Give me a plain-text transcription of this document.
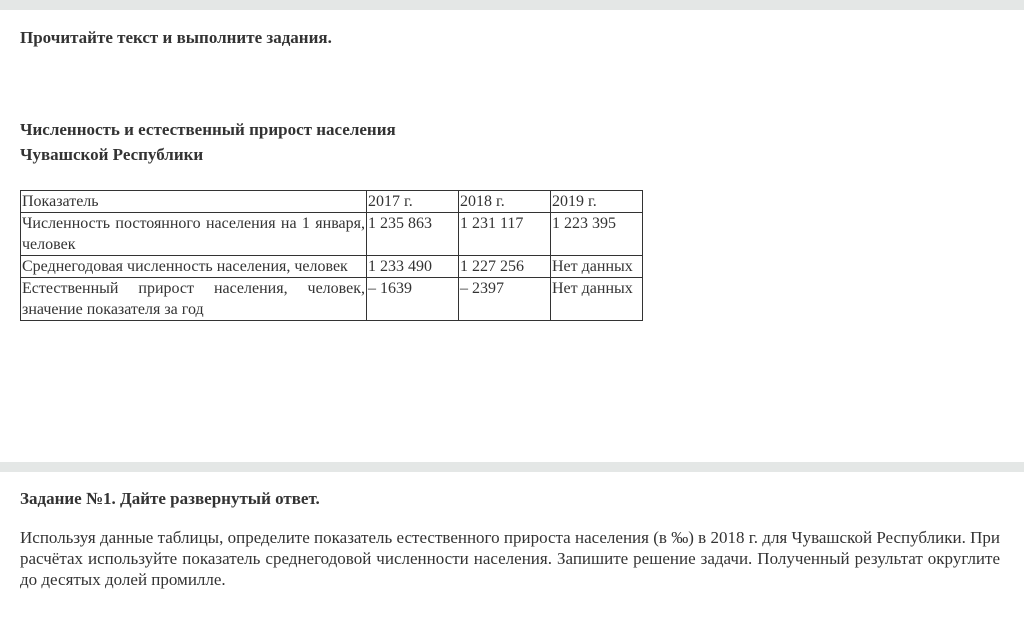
Прочитайте текст и выполните задания.
Численность и естественный прирост населения
Чувашской Республики
Показатель	2017 г.	2018 г.	2019 г.
Численность постоянного населения на 1 января, человек	1 235 863	1 231 117	1 223 395
Среднегодовая численность населения, человек	1 233 490	1 227 256	Нет данных
Естественный прирост населения, человек, значение показателя за год	– 1639	– 2397	Нет данных
Задание №1. Дайте развернутый ответ.
Используя данные таблицы, определите показатель естественного прироста населения (в ‰) в 2018 г. для Чувашской Республики. При расчётах используйте показатель среднегодовой численности населения. Запишите решение задачи. Полученный результат округлите до десятых долей промилле.
